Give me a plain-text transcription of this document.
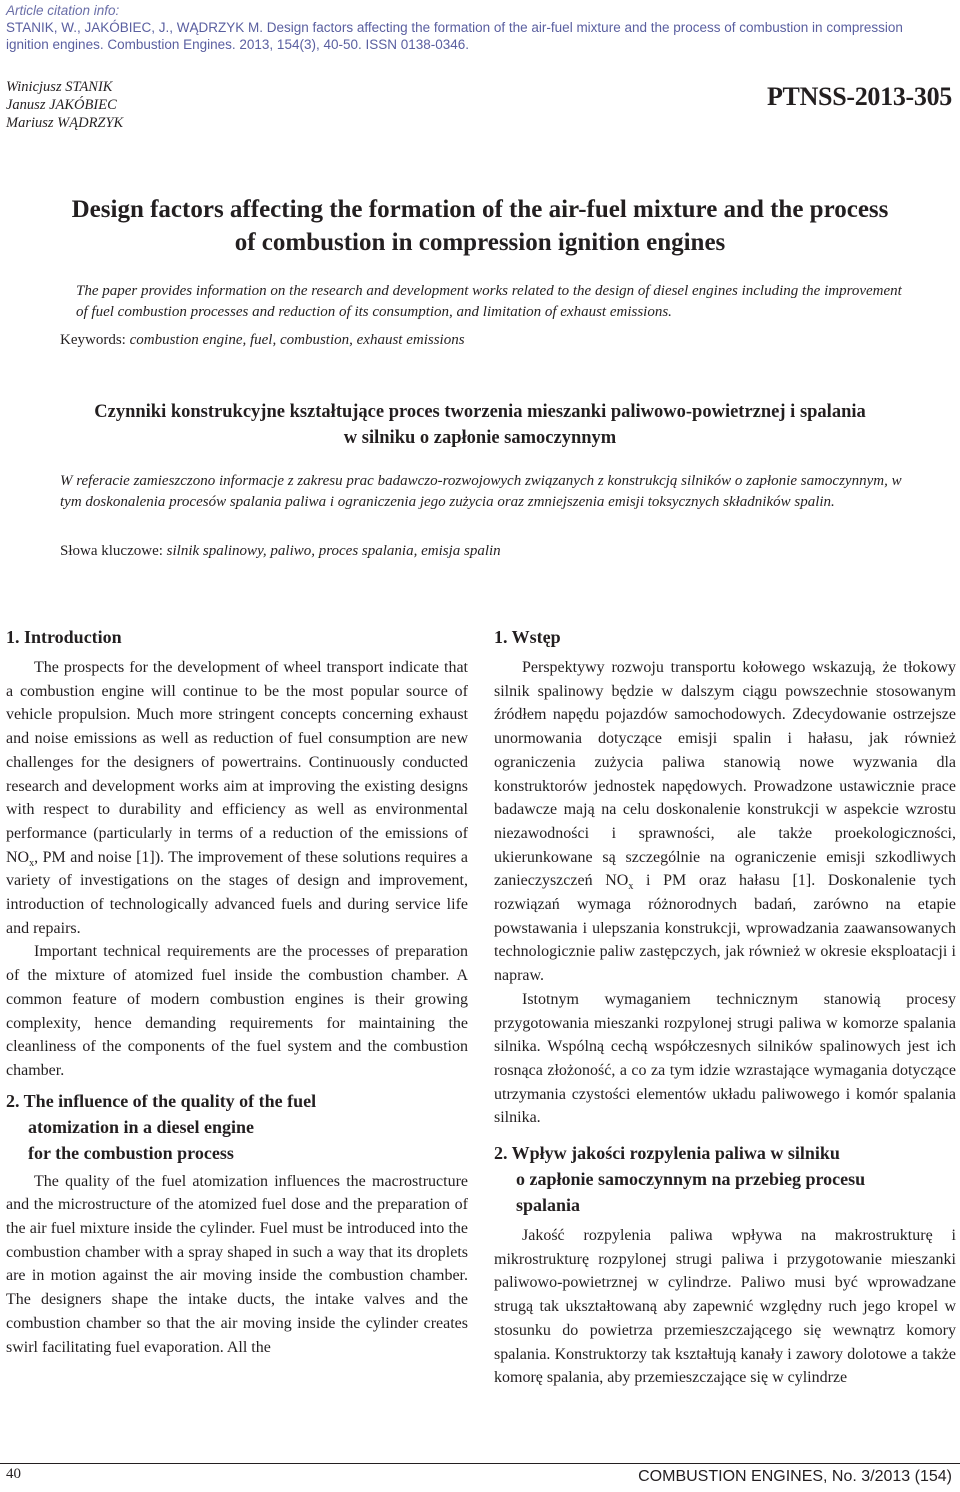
Article citation info:
STANIK, W., JAKÓBIEC, J., WĄDRZYK M. Design factors affecting the formation of the air-fuel mixture and the process of combustion in compression
ignition engines. Combustion Engines. 2013, 154(3), 40-50. ISSN 0138-0346.
Winicjusz STANIK
Janusz JAKÓBIEC
Mariusz WĄDRZYK
PTNSS-2013-305
Design factors affecting the formation of the air-fuel mixture and the process
of combustion in compression ignition engines
The paper provides information on the research and development works related to the design of diesel engines including the improvement of fuel combustion processes and reduction of its consumption, and limitation of exhaust emissions.
Keywords: combustion engine, fuel, combustion, exhaust emissions
Czynniki konstrukcyjne kształtujące proces tworzenia mieszanki paliwowo-powietrznej i spalania
w silniku o zapłonie samoczynnym
W referacie zamieszczono informacje z zakresu prac badawczo-rozwojowych związanych z konstrukcją silników o zapłonie samoczynnym, w tym doskonalenia procesów spalania paliwa i ograniczenia jego zużycia oraz zmniejszenia emisji toksycznych składników spalin.
Słowa kluczowe: silnik spalinowy, paliwo, proces spalania, emisja spalin
1. Introduction

The prospects for the development of wheel transport indicate that a combustion engine will continue to be the most popular source of vehicle propulsion. Much more stringent concepts concerning exhaust and noise emissions as well as reduction of fuel consumption are new challenges for the designers of powertrains. Continuously conducted research and development works aim at improving the existing designs with respect to durability and efficiency as well as environmental performance (particularly in terms of a reduction of the emissions of $NO_x$, PM and noise [1]). The improvement of these solutions requires a variety of investigations on the stages of design and improvement, introduction of technologically advanced fuels and during service life and repairs.

Important technical requirements are the processes of preparation of the mixture of atomized fuel inside the combustion chamber. A common feature of modern combustion engines is their growing complexity, hence demanding requirements for maintaining the cleanliness of the components of the fuel system and the combustion chamber.

2. The influence of the quality of the fuel
atomization in a diesel engine
for the combustion process

The quality of the fuel atomization influences the macrostructure and the microstructure of the atomized fuel dose and the preparation of the air fuel mixture inside the cylinder. Fuel must be introduced into the combustion chamber with a spray shaped in such a way that its droplets are in motion against the air moving inside the combustion chamber. The designers shape the intake ducts, the intake valves and the combustion chamber so that the air moving inside the cylinder creates swirl facilitating fuel evaporation. All the

1. Wstęp

Perspektywy rozwoju transportu kołowego wskazują, że tłokowy silnik spalinowy będzie w dalszym ciągu powszechnie stosowanym źródłem napędu pojazdów samochodowych. Zdecydowanie ostrzejsze unormowania dotyczące emisji spalin i hałasu, jak również ograniczenia zużycia paliwa stanowią nowe wyzwania dla konstruktorów jednostek napędowych. Prowadzone ustawicznie prace badawcze mają na celu doskonalenie konstrukcji w aspekcie wzrostu niezawodności i sprawności, ale także proekologiczności, ukierunkowane są szczególnie na ograniczenie emisji szkodliwych zanieczyszczeń $NO_x$ i PM oraz hałasu [1]. Doskonalenie tych rozwiązań wymaga różnorodnych badań, zarówno na etapie powstawania i ulepszania konstrukcji, wprowadzania zaawansowanych technologicznie paliw zastępczych, jak również w okresie eksploatacji i napraw.

Istotnym wymaganiem technicznym stanowią procesy przygotowania mieszanki rozpylonej strugi paliwa w komorze spalania silnika. Wspólną cechą współczesnych silników spalinowych jest ich rosnąca złożoność, a co za tym idzie wzrastające wymagania dotyczące utrzymania czystości elementów układu paliwowego i komór spalania silnika.

2. Wpływ jakości rozpylenia paliwa w silniku
o zapłonie samoczynnym na przebieg procesu
spalania

Jakość rozpylenia paliwa wpływa na makrostrukturę i mikrostrukturę rozpylonej strugi paliwa i przygotowanie mieszanki paliwowo-powietrznej w cylindrze. Paliwo musi być wprowadzane strugą tak ukształtowaną aby zapewnić względny ruch jego kropel w stosunku do powietrza przemieszczającego się wewnątrz komory spalania. Konstruktorzy tak kształtują kanały i zawory dolotowe a także komorę spalania, aby przemieszczające się w cylindrze

40	COMBUSTION ENGINES, No. 3/2013 (154)
